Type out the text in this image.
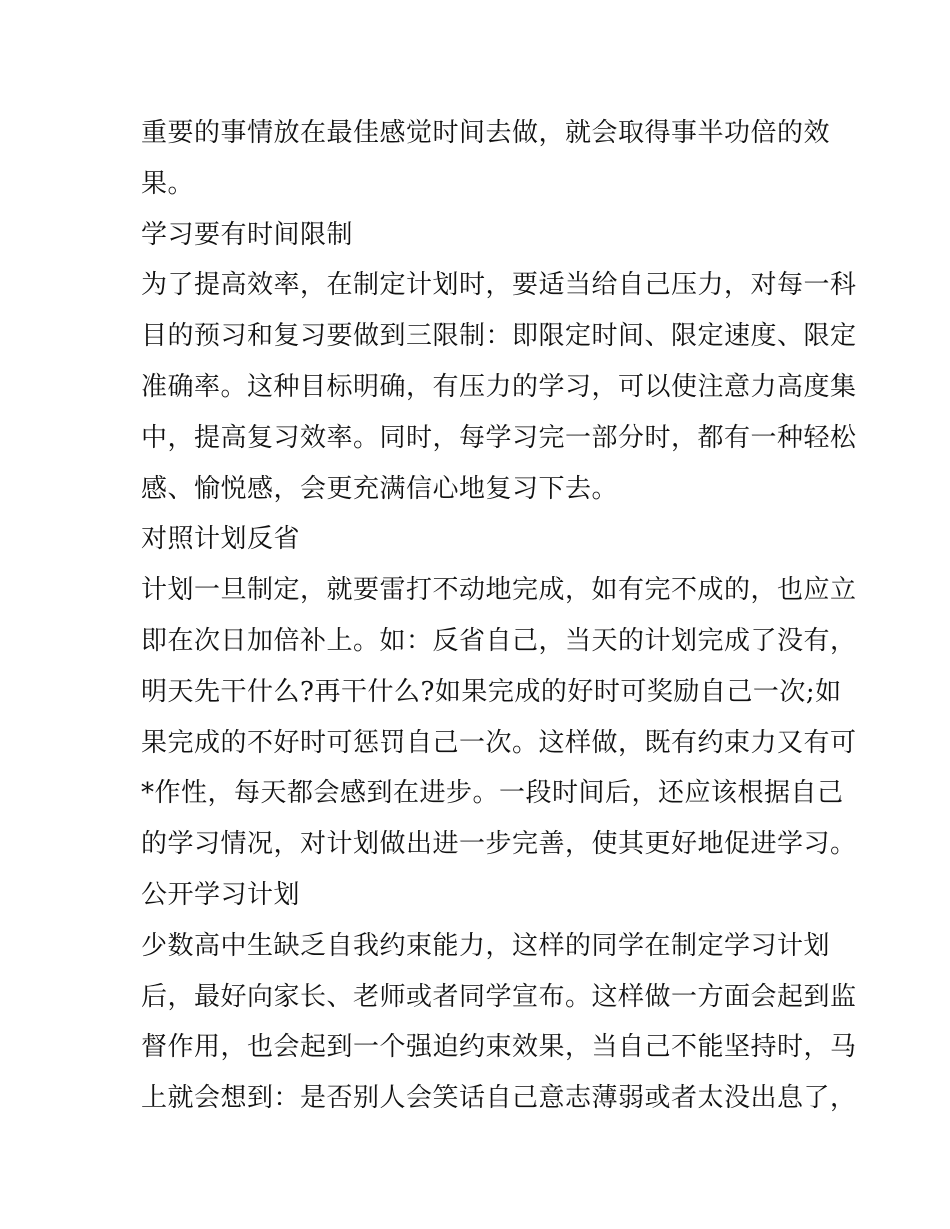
重要的事情放在最佳感觉时间去做，就会取得事半功倍的效
果。
学习要有时间限制
为了提高效率，在制定计划时，要适当给自己压力，对每一科
目的预习和复习要做到三限制：即限定时间、限定速度、限定
准确率。这种目标明确，有压力的学习，可以使注意力高度集
中，提高复习效率。同时，每学习完一部分时，都有一种轻松
感、愉悦感，会更充满信心地复习下去。
对照计划反省
计划一旦制定，就要雷打不动地完成，如有完不成的，也应立
即在次日加倍补上。如：反省自己，当天的计划完成了没有，
明天先干什么?再干什么?如果完成的好时可奖励自己一次;如
果完成的不好时可惩罚自己一次。这样做，既有约束力又有可
*作性，每天都会感到在进步。一段时间后，还应该根据自己
的学习情况，对计划做出进一步完善，使其更好地促进学习。
公开学习计划
少数高中生缺乏自我约束能力，这样的同学在制定学习计划
后，最好向家长、老师或者同学宣布。这样做一方面会起到监
督作用，也会起到一个强迫约束效果，当自己不能坚持时，马
上就会想到：是否别人会笑话自己意志薄弱或者太没出息了，
